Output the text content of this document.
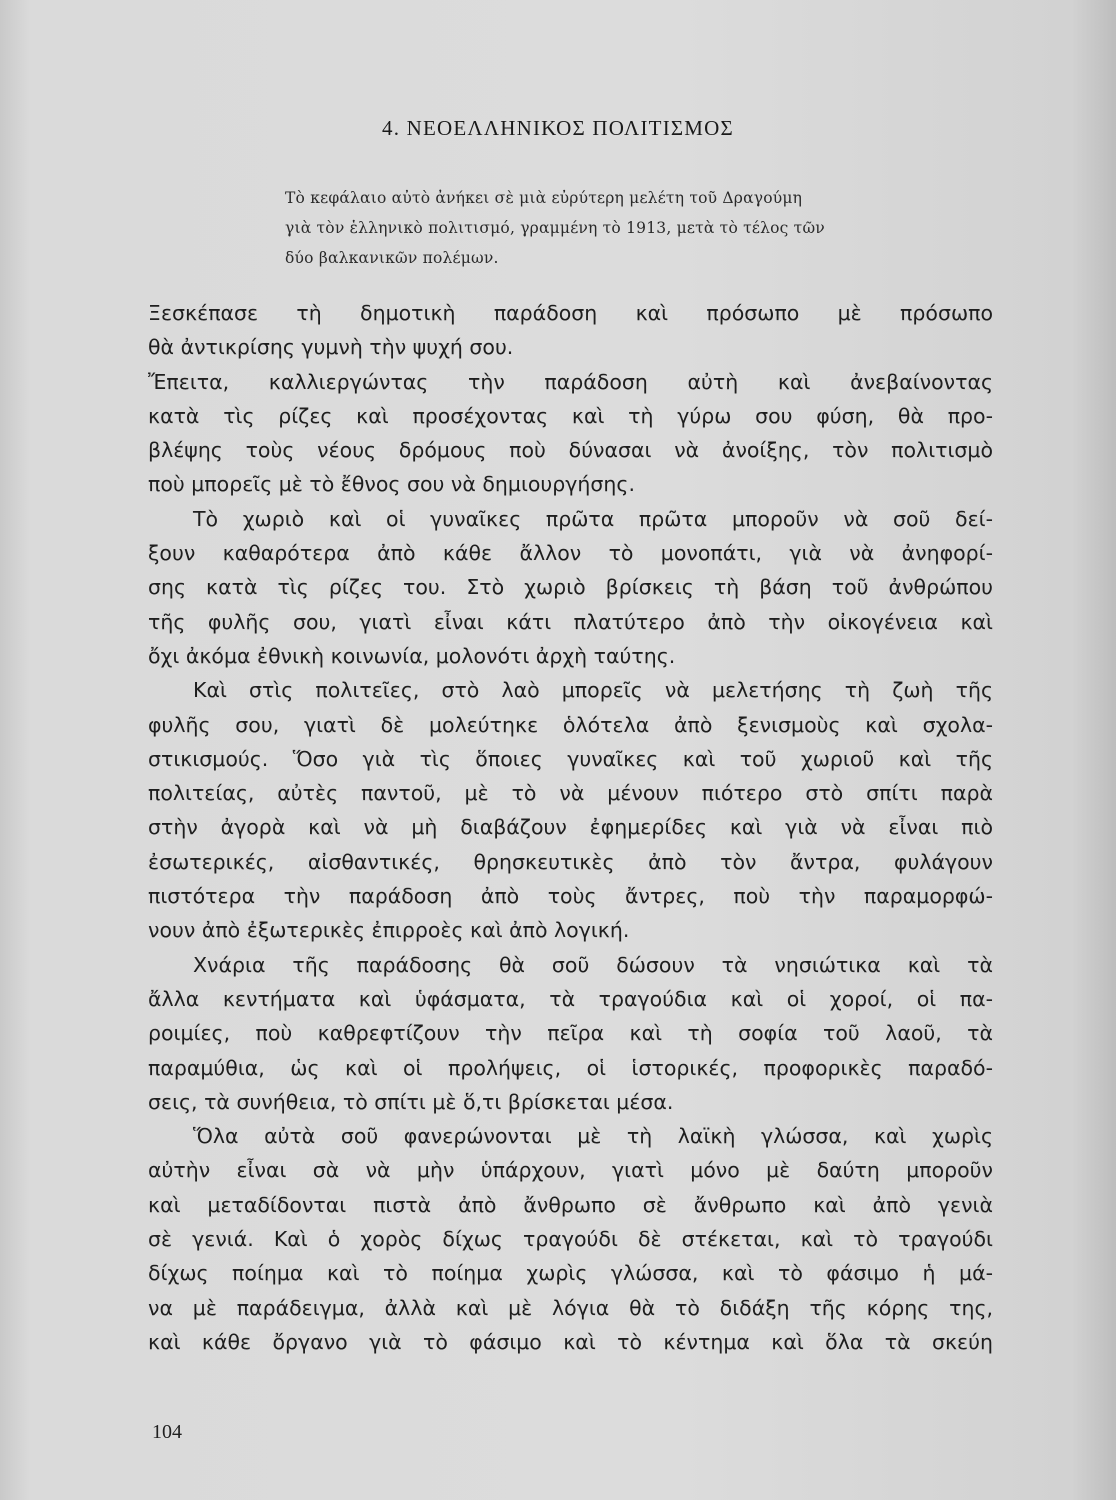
4. ΝΕΟΕΛΛΗΝΙΚΟΣ ΠΟΛΙΤΙΣΜΟΣ
Τὸ κεφάλαιο αὐτὸ ἀνήκει σὲ μιὰ εὐρύτερη μελέτη τοῦ Δραγούμη
γιὰ τὸν ἑλληνικὸ πολιτισμό, γραμμένη τὸ 1913, μετὰ τὸ τέλος τῶν
δύο βαλκανικῶν πολέμων.
Ξεσκέπασε τὴ δημοτικὴ παράδοση καὶ πρόσωπο μὲ πρόσωπο
θὰ ἀντικρίσης γυμνὴ τὴν ψυχή σου.
Ἔπειτα, καλλιεργώντας τὴν παράδοση αὐτὴ καὶ ἀνεβαίνοντας
κατὰ τὶς ρίζες καὶ προσέχοντας καὶ τὴ γύρω σου φύση, θὰ προ-
βλέψης τοὺς νέους δρόμους ποὺ δύνασαι νὰ ἀνοίξης, τὸν πολιτισμὸ
ποὺ μπορεῖς μὲ τὸ ἔθνος σου νὰ δημιουργήσης.
Τὸ χωριὸ καὶ οἱ γυναῖκες πρῶτα πρῶτα μποροῦν νὰ σοῦ δεί-
ξουν καθαρότερα ἀπὸ κάθε ἄλλον τὸ μονοπάτι, γιὰ νὰ ἀνηφορί-
σης κατὰ τὶς ρίζες του. Στὸ χωριὸ βρίσκεις τὴ βάση τοῦ ἀνθρώπου
τῆς φυλῆς σου, γιατὶ εἶναι κάτι πλατύτερο ἀπὸ τὴν οἰκογένεια καὶ
ὄχι ἀκόμα ἐθνικὴ κοινωνία, μολονότι ἀρχὴ ταύτης.
Καὶ στὶς πολιτεῖες, στὸ λαὸ μπορεῖς νὰ μελετήσης τὴ ζωὴ τῆς
φυλῆς σου, γιατὶ δὲ μολεύτηκε ὁλότελα ἀπὸ ξενισμοὺς καὶ σχολα-
στικισμούς. Ὅσο γιὰ τὶς ὅποιες γυναῖκες καὶ τοῦ χωριοῦ καὶ τῆς
πολιτείας, αὐτὲς παντοῦ, μὲ τὸ νὰ μένουν πιότερο στὸ σπίτι παρὰ
στὴν ἀγορὰ καὶ νὰ μὴ διαβάζουν ἐφημερίδες καὶ γιὰ νὰ εἶναι πιὸ
ἐσωτερικές, αἰσθαντικές, θρησκευτικὲς ἀπὸ τὸν ἄντρα, φυλάγουν
πιστότερα τὴν παράδοση ἀπὸ τοὺς ἄντρες, ποὺ τὴν παραμορφώ-
νουν ἀπὸ ἐξωτερικὲς ἐπιρροὲς καὶ ἀπὸ λογική.
Χνάρια τῆς παράδοσης θὰ σοῦ δώσουν τὰ νησιώτικα καὶ τὰ
ἄλλα κεντήματα καὶ ὑφάσματα, τὰ τραγούδια καὶ οἱ χοροί, οἱ πα-
ροιμίες, ποὺ καθρεφτίζουν τὴν πεῖρα καὶ τὴ σοφία τοῦ λαοῦ, τὰ
παραμύθια, ὡς καὶ οἱ προλήψεις, οἱ ἱστορικές, προφορικὲς παραδό-
σεις, τὰ συνήθεια, τὸ σπίτι μὲ ὅ,τι βρίσκεται μέσα.
Ὅλα αὐτὰ σοῦ φανερώνονται μὲ τὴ λαϊκὴ γλώσσα, καὶ χωρὶς
αὐτὴν εἶναι σὰ νὰ μὴν ὑπάρχουν, γιατὶ μόνο μὲ δαύτη μποροῦν
καὶ μεταδίδονται πιστὰ ἀπὸ ἄνθρωπο σὲ ἄνθρωπο καὶ ἀπὸ γενιὰ
σὲ γενιά. Καὶ ὁ χορὸς δίχως τραγούδι δὲ στέκεται, καὶ τὸ τραγούδι
δίχως ποίημα καὶ τὸ ποίημα χωρὶς γλώσσα, καὶ τὸ φάσιμο ἡ μά-
να μὲ παράδειγμα, ἀλλὰ καὶ μὲ λόγια θὰ τὸ διδάξη τῆς κόρης της,
καὶ κάθε ὄργανο γιὰ τὸ φάσιμο καὶ τὸ κέντημα καὶ ὅλα τὰ σκεύη
104
